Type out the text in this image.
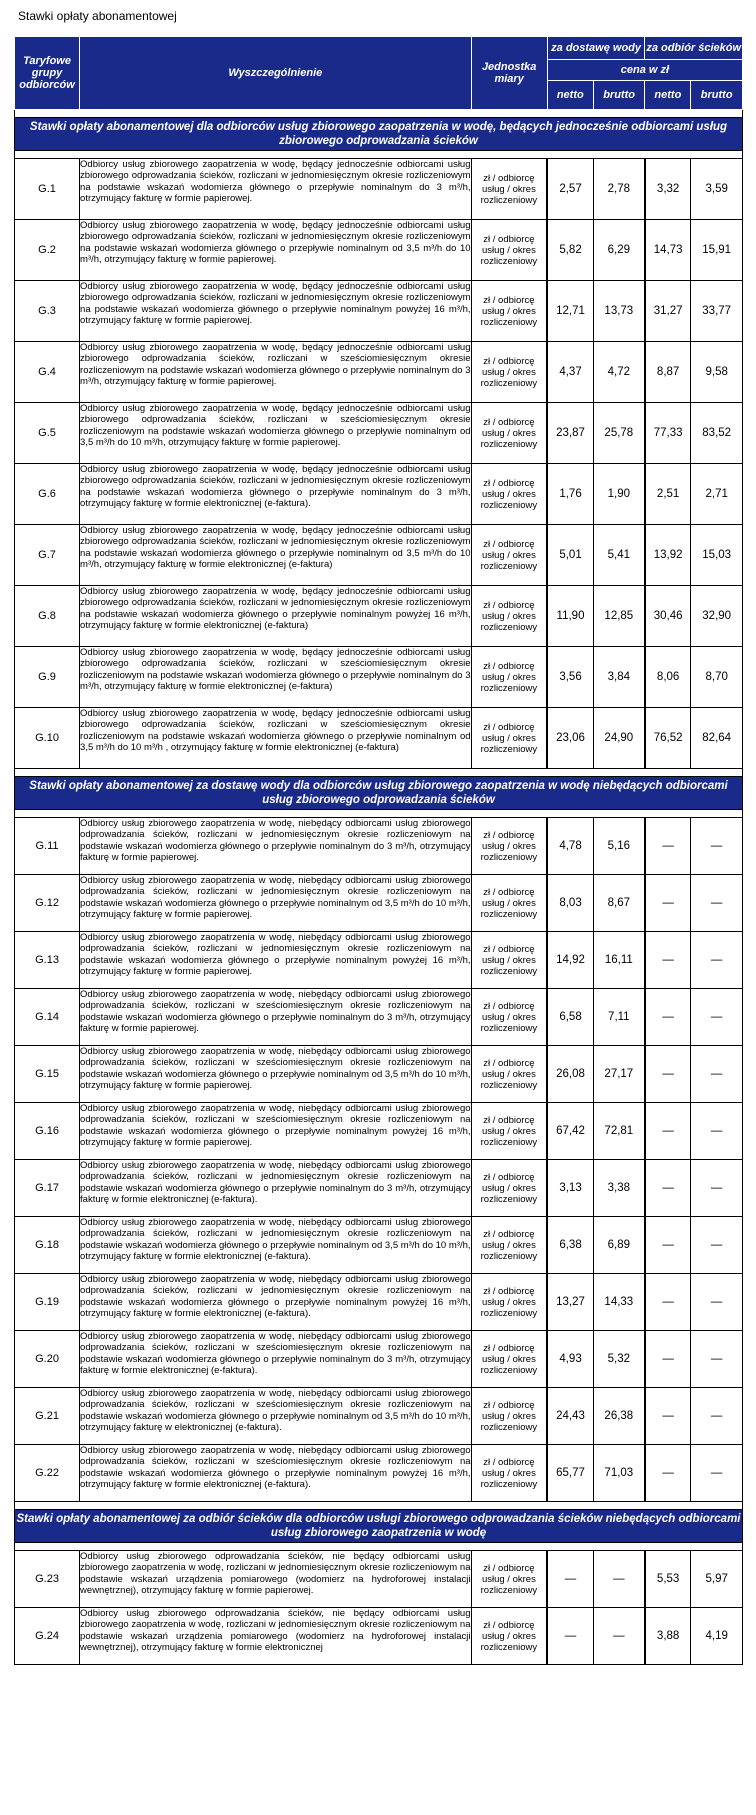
Stawki opłaty abonamentowej
Taryfowe grupy odbiorców	Wyszczególnienie	Jednostka miary	za dostawę wody		za odbiór ścieków	
			cena w zł			
			netto	brutto	netto	brutto

Stawki opłaty abonamentowej dla odbiorców usług zbiorowego zaopatrzenia w wodę, będących jednocześnie odbiorcami usług zbiorowego odprowadzania ścieków						

G.1	Odbiorcy usług zbiorowego zaopatrzenia w wodę, będący jednocześnie odbiorcami usług zbiorowego odprowadzania ścieków, rozliczani w jednomiesięcznym okresie rozliczeniowym na podstawie wskazań wodomierza głównego o przepływie nominalnym do 3 m³/h, otrzymujący fakturę w formie papierowej.	zł / odbiorcę usług / okres rozliczeniowy	2,57	2,78	3,32	3,59
G.2	Odbiorcy usług zbiorowego zaopatrzenia w wodę, będący jednocześnie odbiorcami usług zbiorowego odprowadzania ścieków, rozliczani w jednomiesięcznym okresie rozliczeniowym na podstawie wskazań wodomierza głównego o przepływie nominalnym od 3,5 m³/h do 10 m³/h, otrzymujący fakturę w formie papierowej.	zł / odbiorcę usług / okres rozliczeniowy	5,82	6,29	14,73	15,91
G.3	Odbiorcy usług zbiorowego zaopatrzenia w wodę, będący jednocześnie odbiorcami usług zbiorowego odprowadzania ścieków, rozliczani w jednomiesięcznym okresie rozliczeniowym na podstawie wskazań wodomierza głównego o przepływie nominalnym powyżej 16 m³/h, otrzymujący fakturę w formie papierowej.	zł / odbiorcę usług / okres rozliczeniowy	12,71	13,73	31,27	33,77
G.4	Odbiorcy usług zbiorowego zaopatrzenia w wodę, będący jednocześnie odbiorcami usług zbiorowego odprowadzania ścieków, rozliczani w sześciomiesięcznym okresie rozliczeniowym na podstawie wskazań wodomierza głównego o przepływie nominalnym do 3 m³/h, otrzymujący fakturę w formie papierowej.	zł / odbiorcę usług / okres rozliczeniowy	4,37	4,72	8,87	9,58
G.5	Odbiorcy usług zbiorowego zaopatrzenia w wodę, będący jednocześnie odbiorcami usług zbiorowego odprowadzania ścieków, rozliczani w sześciomiesięcznym okresie rozliczeniowym na podstawie wskazań wodomierza głównego o przepływie nominalnym od 3,5 m³/h do 10 m³/h, otrzymujący fakturę w formie papierowej.	zł / odbiorcę usług / okres rozliczeniowy	23,87	25,78	77,33	83,52
G.6	Odbiorcy usług zbiorowego zaopatrzenia w wodę, będący jednocześnie odbiorcami usług zbiorowego odprowadzania ścieków, rozliczani w jednomiesięcznym okresie rozliczeniowym na podstawie wskazań wodomierza głównego o przepływie nominalnym do 3 m³/h, otrzymujący fakturę w formie elektronicznej (e-faktura).	zł / odbiorcę usług / okres rozliczeniowy	1,76	1,90	2,51	2,71
G.7	Odbiorcy usług zbiorowego zaopatrzenia w wodę, będący jednocześnie odbiorcami usług zbiorowego odprowadzania ścieków, rozliczani w jednomiesięcznym okresie rozliczeniowym na podstawie wskazań wodomierza głównego o przepływie nominalnym od 3,5 m³/h do 10 m³/h, otrzymujący fakturę w formie elektronicznej (e-faktura)	zł / odbiorcę usług / okres rozliczeniowy	5,01	5,41	13,92	15,03
G.8	Odbiorcy usług zbiorowego zaopatrzenia w wodę, będący jednocześnie odbiorcami usług zbiorowego odprowadzania ścieków, rozliczani w jednomiesięcznym okresie rozliczeniowym na podstawie wskazań wodomierza głównego o przepływie nominalnym powyżej 16 m³/h, otrzymujący fakturę w formie elektronicznej (e-faktura)	zł / odbiorcę usług / okres rozliczeniowy	11,90	12,85	30,46	32,90
G.9	Odbiorcy usług zbiorowego zaopatrzenia w wodę, będący jednocześnie odbiorcami usług zbiorowego odprowadzania ścieków, rozliczani w sześciomiesięcznym okresie rozliczeniowym na podstawie wskazań wodomierza głównego o przepływie nominalnym do 3 m³/h, otrzymujący fakturę w formie elektronicznej (e-faktura)	zł / odbiorcę usług / okres rozliczeniowy	3,56	3,84	8,06	8,70
G.10	Odbiorcy usług zbiorowego zaopatrzenia w wodę, będący jednocześnie odbiorcami usług zbiorowego odprowadzania ścieków, rozliczani w sześciomiesięcznym okresie rozliczeniowym na podstawie wskazań wodomierza głównego o przepływie nominalnym od 3,5 m³/h do 10 m³/h , otrzymujący fakturę w formie elektronicznej (e-faktura)	zł / odbiorcę usług / okres rozliczeniowy	23,06	24,90	76,52	82,64

Stawki opłaty abonamentowej za dostawę wody dla odbiorców usług zbiorowego zaopatrzenia w wodę niebędących odbiorcami usług zbiorowego odprowadzania ścieków						

G.11	Odbiorcy usług zbiorowego zaopatrzenia w wodę, niebędący odbiorcami usług zbiorowego odprowadzania ścieków, rozliczani w jednomiesięcznym okresie rozliczeniowym na podstawie wskazań wodomierza głównego o przepływie nominalnym do 3 m³/h, otrzymujący fakturę w formie papierowej.	zł / odbiorcę usług / okres rozliczeniowy	4,78	5,16	—	—
G.12	Odbiorcy usług zbiorowego zaopatrzenia w wodę, niebędący odbiorcami usług zbiorowego odprowadzania ścieków, rozliczani w jednomiesięcznym okresie rozliczeniowym na podstawie wskazań wodomierza głównego o przepływie nominalnym od 3,5 m³/h do 10 m³/h, otrzymujący fakturę w formie papierowej.	zł / odbiorcę usług / okres rozliczeniowy	8,03	8,67	—	—
G.13	Odbiorcy usług zbiorowego zaopatrzenia w wodę, niebędący odbiorcami usług zbiorowego odprowadzania ścieków, rozliczani w jednomiesięcznym okresie rozliczeniowym na podstawie wskazań wodomierza głównego o przepływie nominalnym powyżej 16 m³/h, otrzymujący fakturę w formie papierowej.	zł / odbiorcę usług / okres rozliczeniowy	14,92	16,11	—	—
G.14	Odbiorcy usług zbiorowego zaopatrzenia w wodę, niebędący odbiorcami usług zbiorowego odprowadzania ścieków, rozliczani w sześciomiesięcznym okresie rozliczeniowym na podstawie wskazań wodomierza głównego o przepływie nominalnym do 3 m³/h, otrzymujący fakturę w formie papierowej.	zł / odbiorcę usług / okres rozliczeniowy	6,58	7,11	—	—
G.15	Odbiorcy usług zbiorowego zaopatrzenia w wodę, niebędący odbiorcami usług zbiorowego odprowadzania ścieków, rozliczani w sześciomiesięcznym okresie rozliczeniowym na podstawie wskazań wodomierza głównego o przepływie nominalnym od 3,5 m³/h do 10 m³/h, otrzymujący fakturę w formie papierowej.	zł / odbiorcę usług / okres rozliczeniowy	26,08	27,17	—	—
G.16	Odbiorcy usług zbiorowego zaopatrzenia w wodę, niebędący odbiorcami usług zbiorowego odprowadzania ścieków, rozliczani w sześciomiesięcznym okresie rozliczeniowym na podstawie wskazań wodomierza głównego o przepływie nominalnym powyżej 16 m³/h, otrzymujący fakturę w formie papierowej.	zł / odbiorcę usług / okres rozliczeniowy	67,42	72,81	—	—
G.17	Odbiorcy usług zbiorowego zaopatrzenia w wodę, niebędący odbiorcami usług zbiorowego odprowadzania ścieków, rozliczani w jednomiesięcznym okresie rozliczeniowym na podstawie wskazań wodomierza głównego o przepływie nominalnym do 3 m³/h, otrzymujący fakturę w formie elektronicznej (e-faktura).	zł / odbiorcę usług / okres rozliczeniowy	3,13	3,38	—	—
G.18	Odbiorcy usług zbiorowego zaopatrzenia w wodę, niebędący odbiorcami usług zbiorowego odprowadzania ścieków, rozliczani w jednomiesięcznym okresie rozliczeniowym na podstawie wskazań wodomierza głównego o przepływie nominalnym od 3,5 m³/h do 10 m³/h, otrzymujący fakturę w formie elektronicznej (e-faktura).	zł / odbiorcę usług / okres rozliczeniowy	6,38	6,89	—	—
G.19	Odbiorcy usług zbiorowego zaopatrzenia w wodę, niebędący odbiorcami usług zbiorowego odprowadzania ścieków, rozliczani w jednomiesięcznym okresie rozliczeniowym na podstawie wskazań wodomierza głównego o przepływie nominalnym powyżej 16 m³/h, otrzymujący fakturę w formie elektronicznej (e-faktura).	zł / odbiorcę usług / okres rozliczeniowy	13,27	14,33	—	—
G.20	Odbiorcy usług zbiorowego zaopatrzenia w wodę, niebędący odbiorcami usług zbiorowego odprowadzania ścieków, rozliczani w sześciomiesięcznym okresie rozliczeniowym na podstawie wskazań wodomierza głównego o przepływie nominalnym do 3 m³/h, otrzymujący fakturę w formie elektronicznej (e-faktura).	zł / odbiorcę usług / okres rozliczeniowy	4,93	5,32	—	—
G.21	Odbiorcy usług zbiorowego zaopatrzenia w wodę, niebędący odbiorcami usług zbiorowego odprowadzania ścieków, rozliczani w sześciomiesięcznym okresie rozliczeniowym na podstawie wskazań wodomierza głównego o przepływie nominalnym od 3,5 m³/h do 10 m³/h, otrzymujący fakturę w elektronicznej (e-faktura).	zł / odbiorcę usług / okres rozliczeniowy	24,43	26,38	—	—
G.22	Odbiorcy usług zbiorowego zaopatrzenia w wodę, niebędący odbiorcami usług zbiorowego odprowadzania ścieków, rozliczani w sześciomiesięcznym okresie rozliczeniowym na podstawie wskazań wodomierza głównego o przepływie nominalnym powyżej 16 m³/h, otrzymujący fakturę w formie elektronicznej (e-faktura).	zł / odbiorcę usług / okres rozliczeniowy	65,77	71,03	—	—

Stawki opłaty abonamentowej za odbiór ścieków dla odbiorców usługi zbiorowego odprowadzania ścieków niebędących odbiorcami usług zbiorowego zaopatrzenia w wodę						

G.23	Odbiorcy usług zbiorowego odprowadzania ścieków, nie będący odbiorcami usług zbiorowego zaopatrzenia w wodę, rozliczani w jednomiesięcznym okresie rozliczeniowym na podstawie wskazań urządzenia pomiarowego (wodomierz na hydroforowej instalacji wewnętrznej), otrzymujący fakturę w formie papierowej.	zł / odbiorcę usług / okres rozliczeniowy	—	—	5,53	5,97
G.24	Odbiorcy usług zbiorowego odprowadzania ścieków, nie będący odbiorcami usług zbiorowego zaopatrzenia w wodę, rozliczani w jednomiesięcznym okresie rozliczeniowym na podstawie wskazań urządzenia pomiarowego (wodomierz na hydroforowej instalacji wewnętrznej), otrzymujący fakturę w formie elektronicznej	zł / odbiorcę usług / okres rozliczeniowy	—	—	3,88	4,19
